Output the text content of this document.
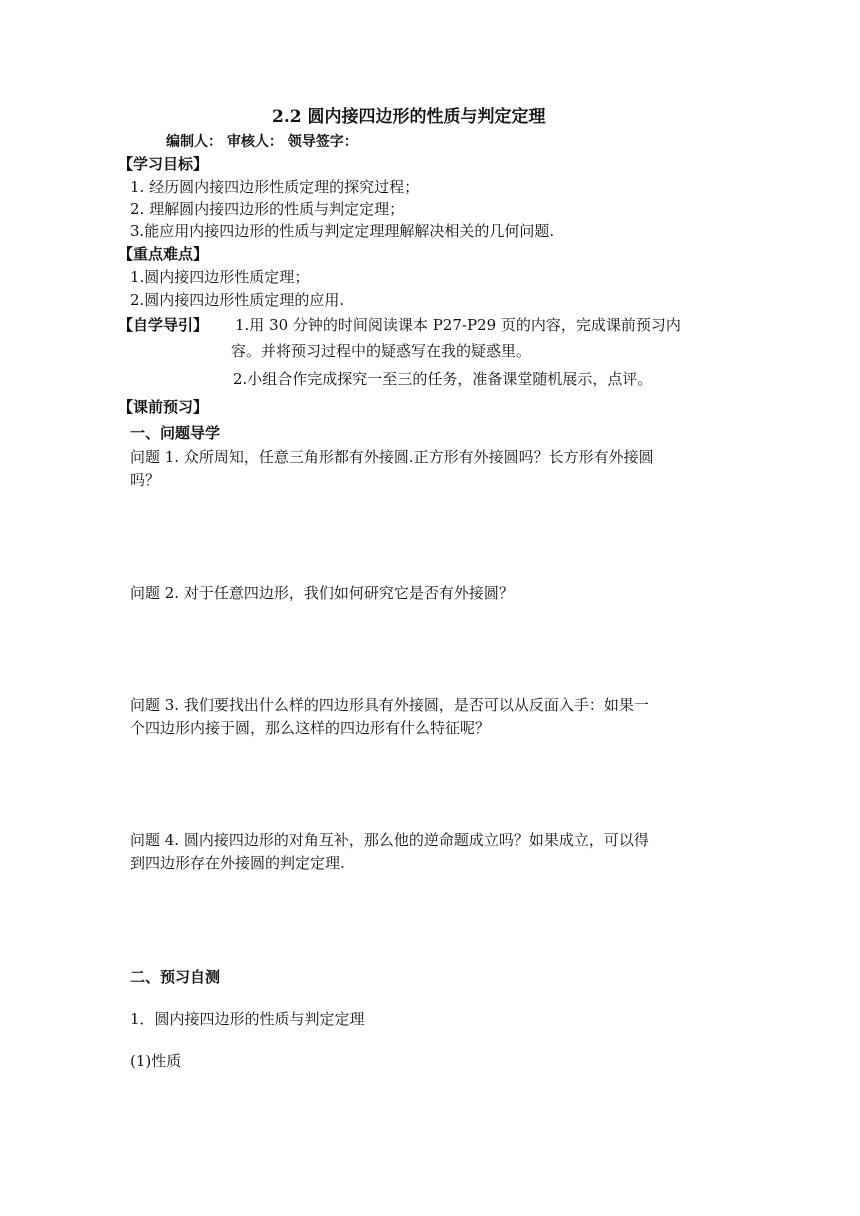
2.2 圆内接四边形的性质与判定定理
编制人： 审核人： 领导签字：
【学习目标】
1. 经历圆内接四边形性质定理的探究过程；
2. 理解圆内接四边形的性质与判定定理；
3.能应用内接四边形的性质与判定定理理解解决相关的几何问题.
【重点难点】
1.圆内接四边形性质定理；
2.圆内接四边形性质定理的应用.
【自学导引】 1.用 30 分钟的时间阅读课本 P27-P29 页的内容，完成课前预习内
容。并将预习过程中的疑惑写在我的疑惑里。
2.小组合作完成探究一至三的任务，准备课堂随机展示，点评。
【课前预习】
一、问题导学
问题 1. 众所周知，任意三角形都有外接圆.正方形有外接圆吗？长方形有外接圆
吗？
问题 2. 对于任意四边形，我们如何研究它是否有外接圆？
问题 3. 我们要找出什么样的四边形具有外接圆，是否可以从反面入手：如果一
个四边形内接于圆，那么这样的四边形有什么特征呢？
问题 4. 圆内接四边形的对角互补，那么他的逆命题成立吗？如果成立，可以得
到四边形存在外接圆的判定定理.
二、预习自测
1．圆内接四边形的性质与判定定理
(1)性质
